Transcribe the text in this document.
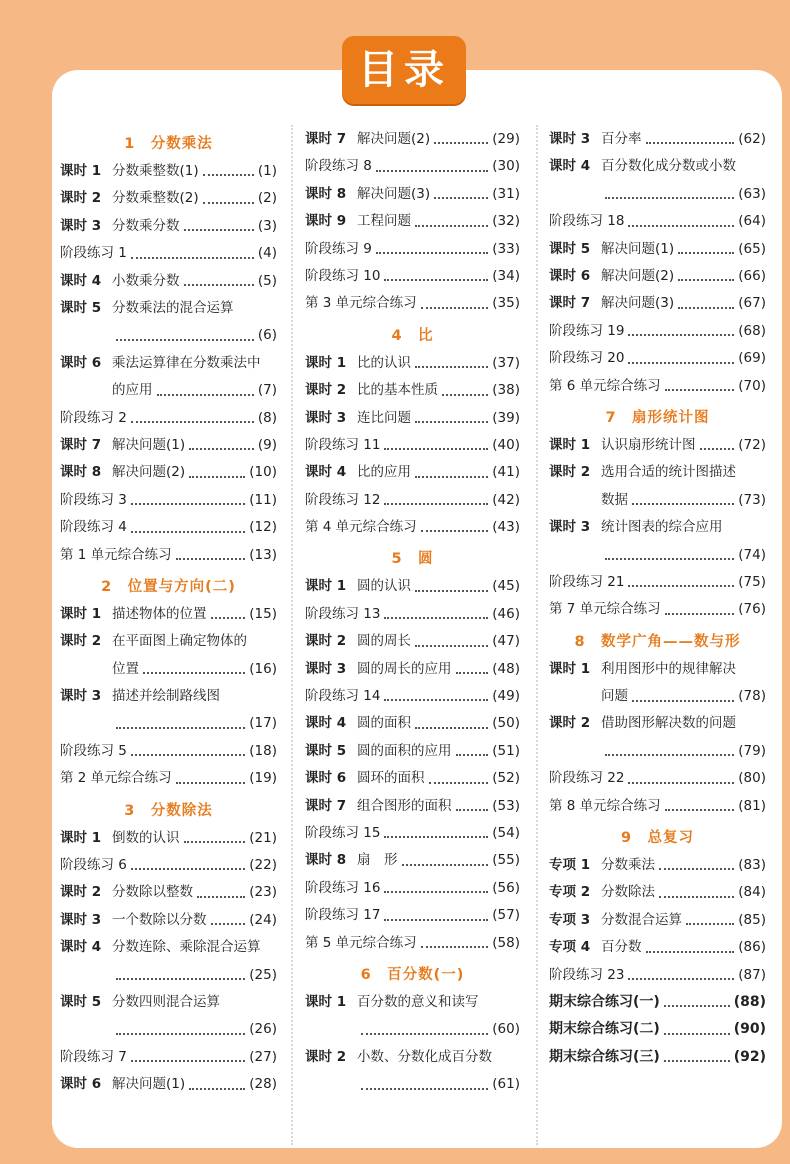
目录
1　分数乘法
课时 1 分数乘整数(1)	(1)
课时 2 分数乘整数(2)	(2)
课时 3 分数乘分数	(3)
阶段练习 1	(4)
课时 4 小数乘分数	(5)
课时 5 分数乘法的混合运算
(6)
课时 6 乘法运算律在分数乘法中
的应用	(7)
阶段练习 2	(8)
课时 7 解决问题(1)	(9)
课时 8 解决问题(2)	(10)
阶段练习 3	(11)
阶段练习 4	(12)
第 1 单元综合练习	(13)
2　位置与方向(二)
课时 1 描述物体的位置	(15)
课时 2 在平面图上确定物体的
位置	(16)
课时 3 描述并绘制路线图
(17)
阶段练习 5	(18)
第 2 单元综合练习	(19)
3　分数除法
课时 1 倒数的认识	(21)
阶段练习 6	(22)
课时 2 分数除以整数	(23)
课时 3 一个数除以分数	(24)
课时 4 分数连除、乘除混合运算
(25)
课时 5 分数四则混合运算
(26)
阶段练习 7	(27)
课时 6 解决问题(1)	(28)
课时 7 解决问题(2)	(29)
阶段练习 8	(30)
课时 8 解决问题(3)	(31)
课时 9 工程问题	(32)
阶段练习 9	(33)
阶段练习 10	(34)
第 3 单元综合练习	(35)
4　比
课时 1 比的认识	(37)
课时 2 比的基本性质	(38)
课时 3 连比问题	(39)
阶段练习 11	(40)
课时 4 比的应用	(41)
阶段练习 12	(42)
第 4 单元综合练习	(43)
5　圆
课时 1 圆的认识	(45)
阶段练习 13	(46)
课时 2 圆的周长	(47)
课时 3 圆的周长的应用	(48)
阶段练习 14	(49)
课时 4 圆的面积	(50)
课时 5 圆的面积的应用	(51)
课时 6 圆环的面积	(52)
课时 7 组合图形的面积	(53)
阶段练习 15	(54)
课时 8 扇　形	(55)
阶段练习 16	(56)
阶段练习 17	(57)
第 5 单元综合练习	(58)
6　百分数(一)
课时 1 百分数的意义和读写
(60)
课时 2 小数、分数化成百分数
(61)
课时 3 百分率	(62)
课时 4 百分数化成分数或小数
(63)
阶段练习 18	(64)
课时 5 解决问题(1)	(65)
课时 6 解决问题(2)	(66)
课时 7 解决问题(3)	(67)
阶段练习 19	(68)
阶段练习 20	(69)
第 6 单元综合练习	(70)
7　扇形统计图
课时 1 认识扇形统计图	(72)
课时 2 选用合适的统计图描述
数据	(73)
课时 3 统计图表的综合应用
(74)
阶段练习 21	(75)
第 7 单元综合练习	(76)
8　数学广角——数与形
课时 1 利用图形中的规律解决
问题	(78)
课时 2 借助图形解决数的问题
(79)
阶段练习 22	(80)
第 8 单元综合练习	(81)
9　总复习
专项 1 分数乘法	(83)
专项 2 分数除法	(84)
专项 3 分数混合运算	(85)
专项 4 百分数	(86)
阶段练习 23	(87)
期末综合练习(一)	(88)
期末综合练习(二)	(90)
期末综合练习(三)	(92)
